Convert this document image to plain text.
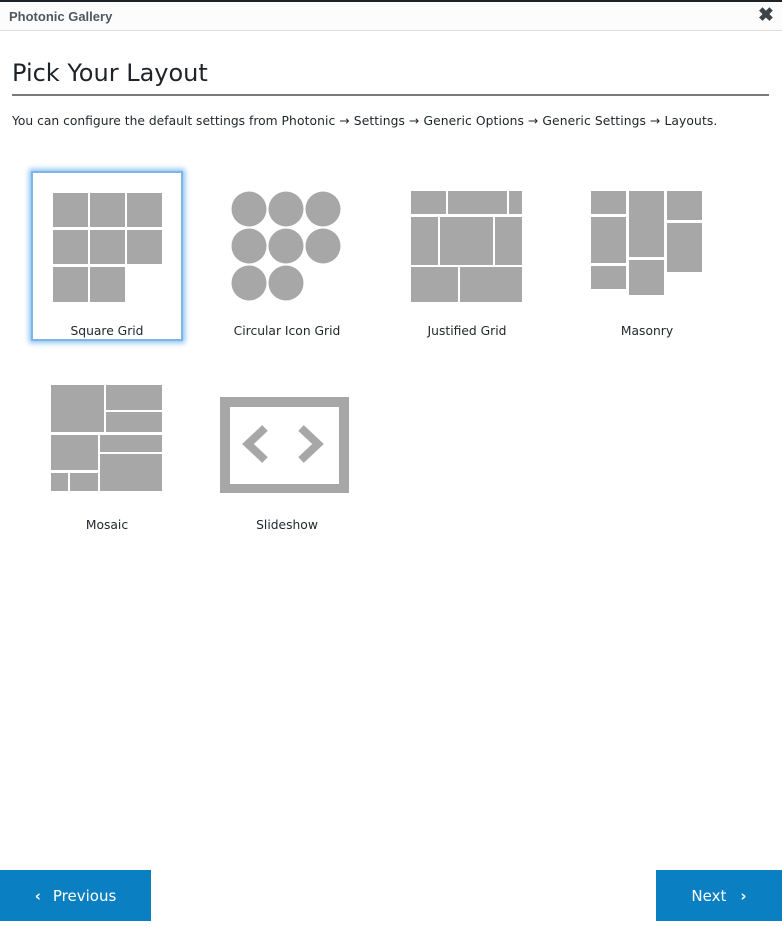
Photonic Gallery	✖
Pick Your Layout
You can configure the default settings from Photonic → Settings → Generic Options → Generic Settings → Layouts.
Square Grid	Circular Icon Grid	Justified Grid	Masonry
Mosaic	Slideshow
‹ Previous	Next ›
